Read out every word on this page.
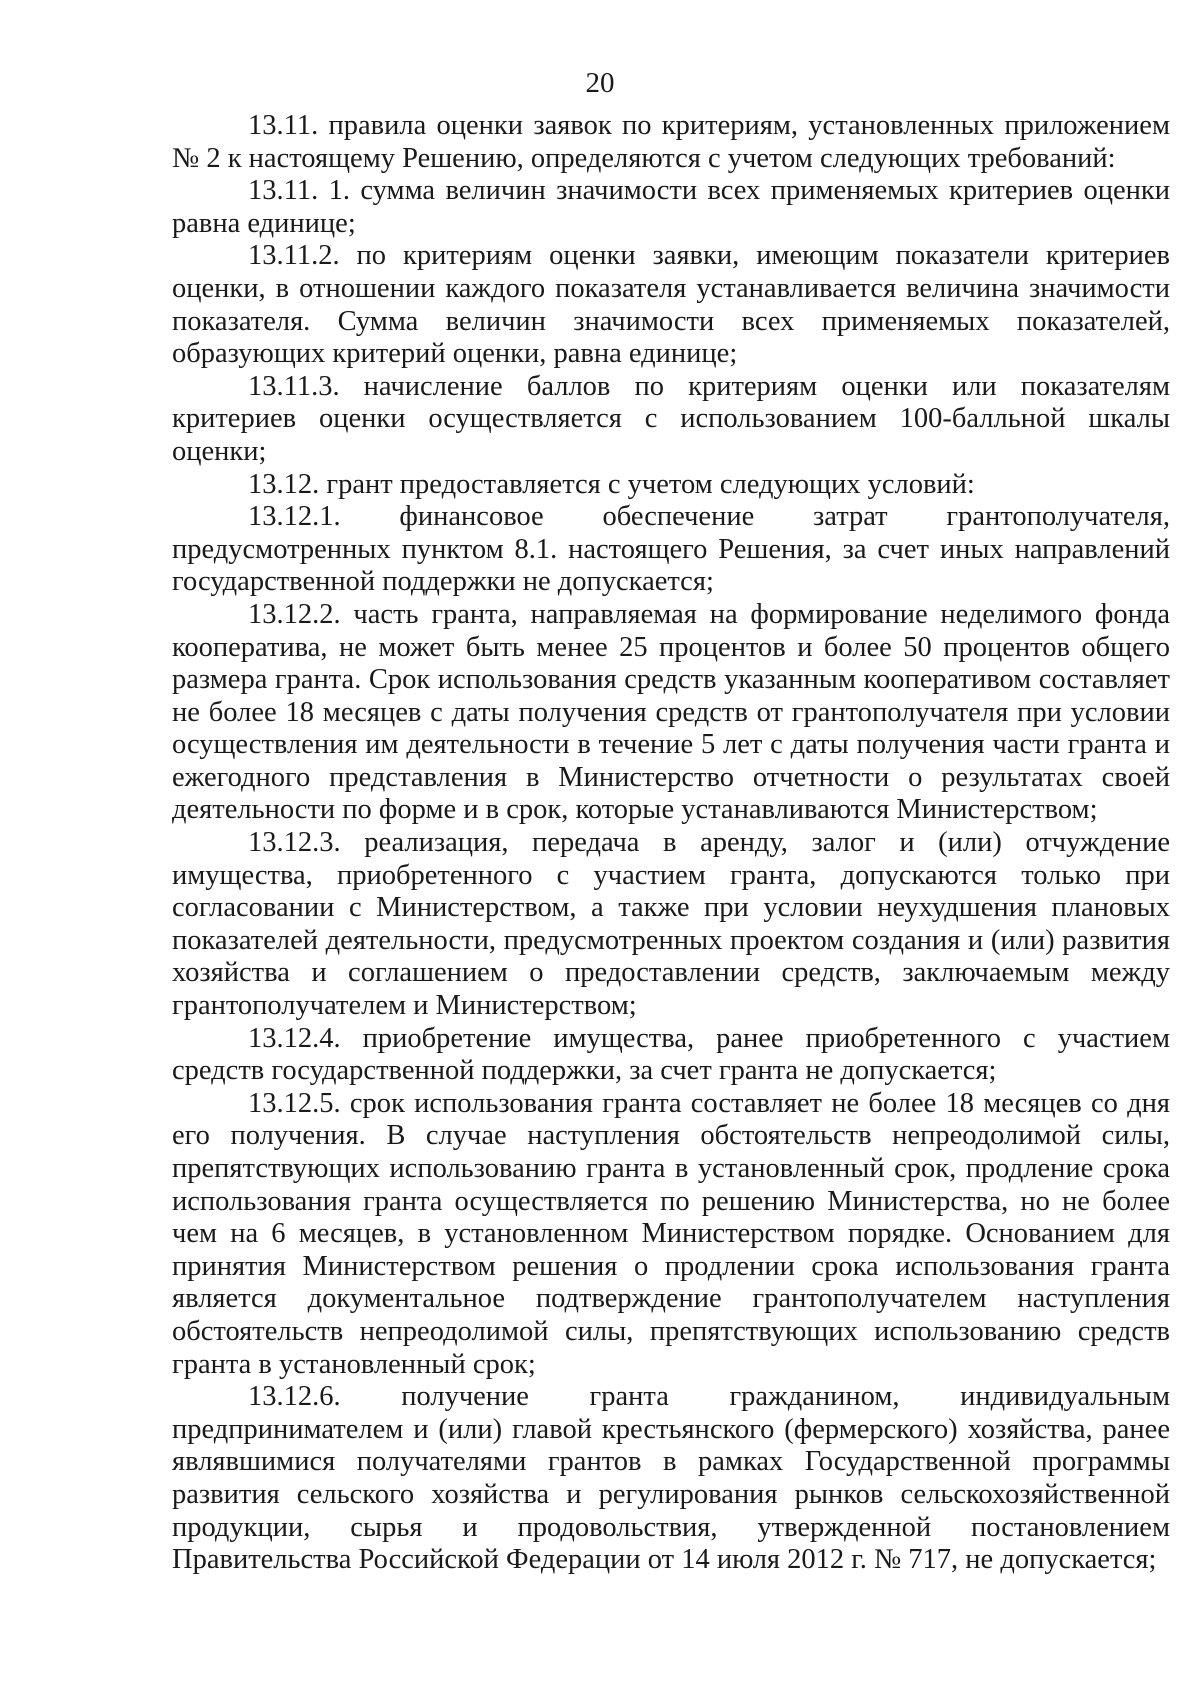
20

13.11. правила оценки заявок по критериям, установленных приложением № 2 к настоящему Решению, определяются с учетом следующих требований:

13.11. 1. сумма величин значимости всех применяемых критериев оценки равна единице;

13.11.2. по критериям оценки заявки, имеющим показатели критериев оценки, в отношении каждого показателя устанавливается величина значимости показателя. Сумма величин значимости всех применяемых показателей, образующих критерий оценки, равна единице;

13.11.3. начисление баллов по критериям оценки или показателям критериев оценки осуществляется с использованием 100-балльной шкалы оценки;

13.12. грант предоставляется с учетом следующих условий:

13.12.1. финансовое обеспечение затрат грантополучателя, предусмотренных пунктом 8.1. настоящего Решения, за счет иных направлений государственной поддержки не допускается;

13.12.2. часть гранта, направляемая на формирование неделимого фонда кооператива, не может быть менее 25 процентов и более 50 процентов общего размера гранта. Срок использования средств указанным кооперативом составляет не более 18 месяцев с даты получения средств от грантополучателя при условии осуществления им деятельности в течение 5 лет с даты получения части гранта и ежегодного представления в Министерство отчетности о результатах своей деятельности по форме и в срок, которые устанавливаются Министерством;

13.12.3. реализация, передача в аренду, залог и (или) отчуждение имущества, приобретенного с участием гранта, допускаются только при согласовании с Министерством, а также при условии неухудшения плановых показателей деятельности, предусмотренных проектом создания и (или) развития хозяйства и соглашением о предоставлении средств, заключаемым между грантополучателем и Министерством;

13.12.4. приобретение имущества, ранее приобретенного с участием средств государственной поддержки, за счет гранта не допускается;

13.12.5. срок использования гранта составляет не более 18 месяцев со дня его получения. В случае наступления обстоятельств непреодолимой силы, препятствующих использованию гранта в установленный срок, продление срока использования гранта осуществляется по решению Министерства, но не более чем на 6 месяцев, в установленном Министерством порядке. Основанием для принятия Министерством решения о продлении срока использования гранта является документальное подтверждение грантополучателем наступления обстоятельств непреодолимой силы, препятствующих использованию средств гранта в установленный срок;

13.12.6. получение гранта гражданином, индивидуальным предпринимателем и (или) главой крестьянского (фермерского) хозяйства, ранее являвшимися получателями грантов в рамках Государственной программы развития сельского хозяйства и регулирования рынков сельскохозяйственной продукции, сырья и продовольствия, утвержденной постановлением Правительства Российской Федерации от 14 июля 2012 г. № 717, не допускается;
